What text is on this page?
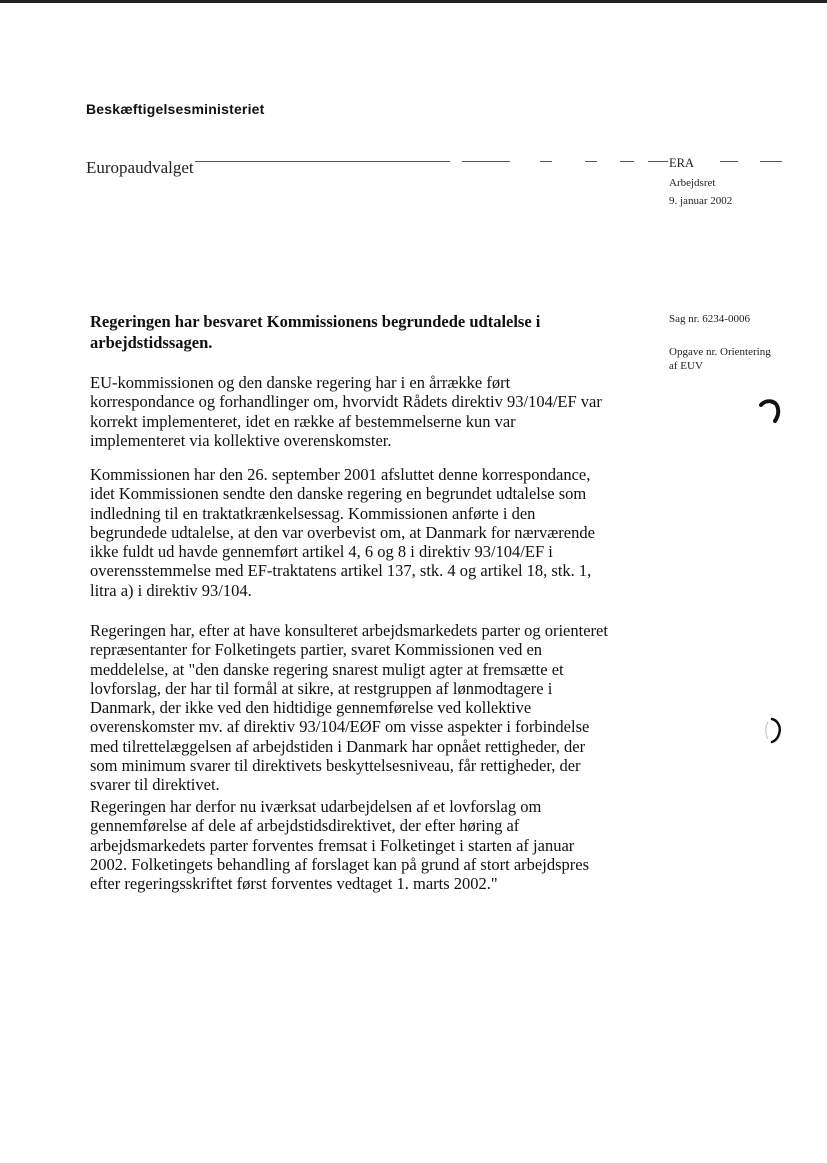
Beskæftigelsesministeriet
Europaudvalget	ERA
Arbejdsret
9. januar 2002
Sag nr. 6234-0006
Opgave nr. Orientering
af EUV
Regeringen har besvaret Kommissionens begrundede udtalelse i arbejdstidssagen.

EU-kommissionen og den danske regering har i en årrække ført korrespondance og forhandlinger om, hvorvidt Rådets direktiv 93/104/EF var korrekt implementeret, idet en række af bestemmelserne kun var implementeret via kollektive overenskomster.

Kommissionen har den 26. september 2001 afsluttet denne korrespondance, idet Kommissionen sendte den danske regering en begrundet udtalelse som indledning til en traktatkrænkelsessag. Kommissionen anførte i den begrundede udtalelse, at den var overbevist om, at Danmark for nærværende ikke fuldt ud havde gennemført artikel 4, 6 og 8 i direktiv 93/104/EF i overensstemmelse med EF-traktatens artikel 137, stk. 4 og artikel 18, stk. 1, litra a) i direktiv 93/104.

Regeringen har, efter at have konsulteret arbejdsmarkedets parter og orienteret repræsentanter for Folketingets partier, svaret Kommissionen ved en meddelelse, at "den danske regering snarest muligt agter at fremsætte et lovforslag, der har til formål at sikre, at restgruppen af lønmodtagere i Danmark, der ikke ved den hidtidige gennemførelse ved kollektive overenskomster mv. af direktiv 93/104/EØF om visse aspekter i forbindelse med tilrettelæggelsen af arbejdstiden i Danmark har opnået rettigheder, der som minimum svarer til direktivets beskyttelsesniveau, får rettigheder, der svarer til direktivet.

Regeringen har derfor nu iværksat udarbejdelsen af et lovforslag om gennemførelse af dele af arbejdstidsdirektivet, der efter høring af arbejdsmarkedets parter forventes fremsat i Folketinget i starten af januar 2002. Folketingets behandling af forslaget kan på grund af stort arbejdspres efter regeringsskriftet først forventes vedtaget 1. marts 2002."
